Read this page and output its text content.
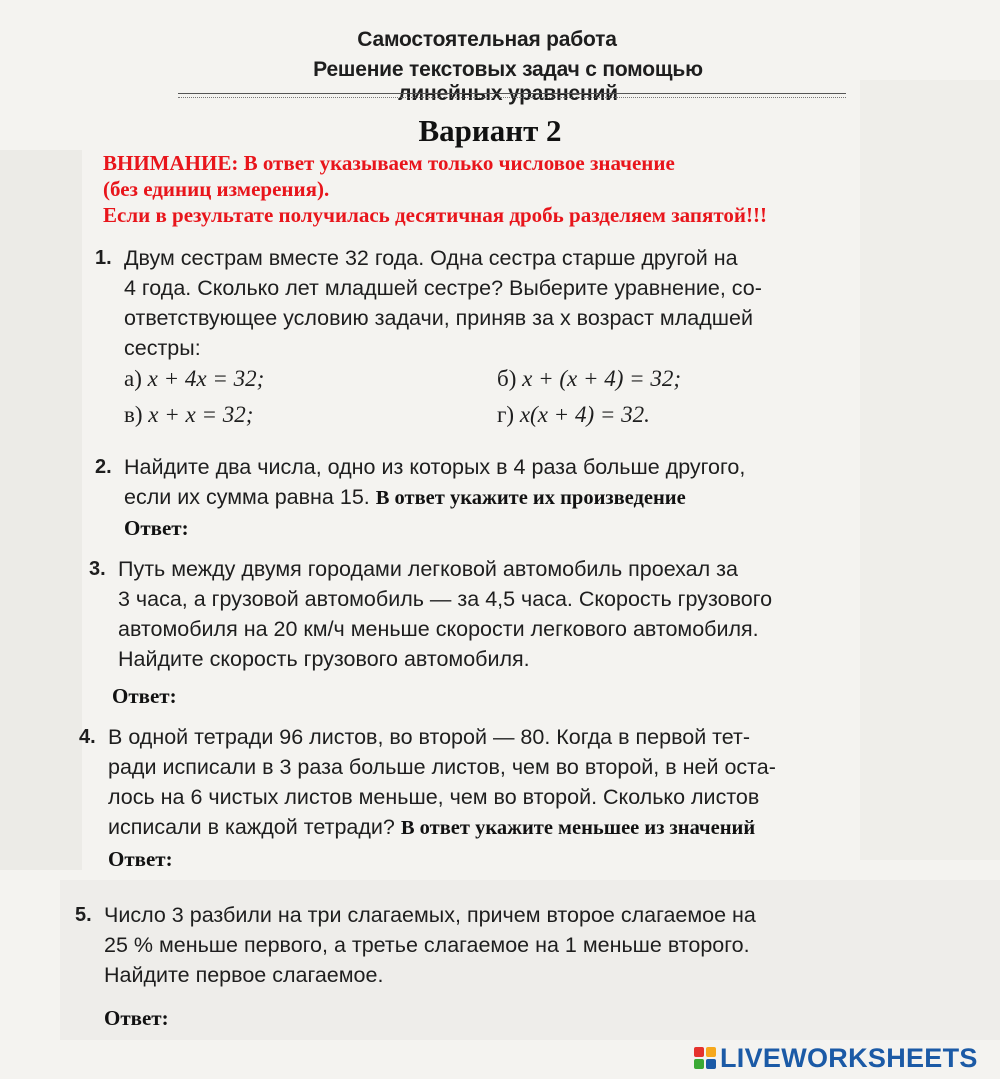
Самостоятельная работа
Решение текстовых задач с помощью линейных уравнений
Вариант 2
ВНИМАНИЕ: В ответ указываем только числовое значение
(без единиц измерения).
Если в результате получилась десятичная дробь разделяем запятой!!!
1. Двум сестрам вместе 32 года. Одна сестра старше другой на
4 года. Сколько лет младшей сестре? Выберите уравнение, со-
ответствующее условию задачи, приняв за x возраст младшей
сестры:
а) x + 4x = 32;	б) x + (x + 4) = 32;
в) x + x = 32;	г) x(x + 4) = 32.
2. Найдите два числа, одно из которых в 4 раза больше другого,
если их сумма равна 15. В ответ укажите их произведение
Ответ:
3. Путь между двумя городами легковой автомобиль проехал за
3 часа, а грузовой автомобиль — за 4,5 часа. Скорость грузового
автомобиля на 20 км/ч меньше скорости легкового автомобиля.
Найдите скорость грузового автомобиля.
Ответ:
4. В одной тетради 96 листов, во второй — 80. Когда в первой тет-
ради исписали в 3 раза больше листов, чем во второй, в ней оста-
лось на 6 чистых листов меньше, чем во второй. Сколько листов
исписали в каждой тетради? В ответ укажите меньшее из значений
Ответ:
5. Число 3 разбили на три слагаемых, причем второе слагаемое на
25 % меньше первого, а третье слагаемое на 1 меньше второго.
Найдите первое слагаемое.
Ответ:
LIVEWORKSHEETS
